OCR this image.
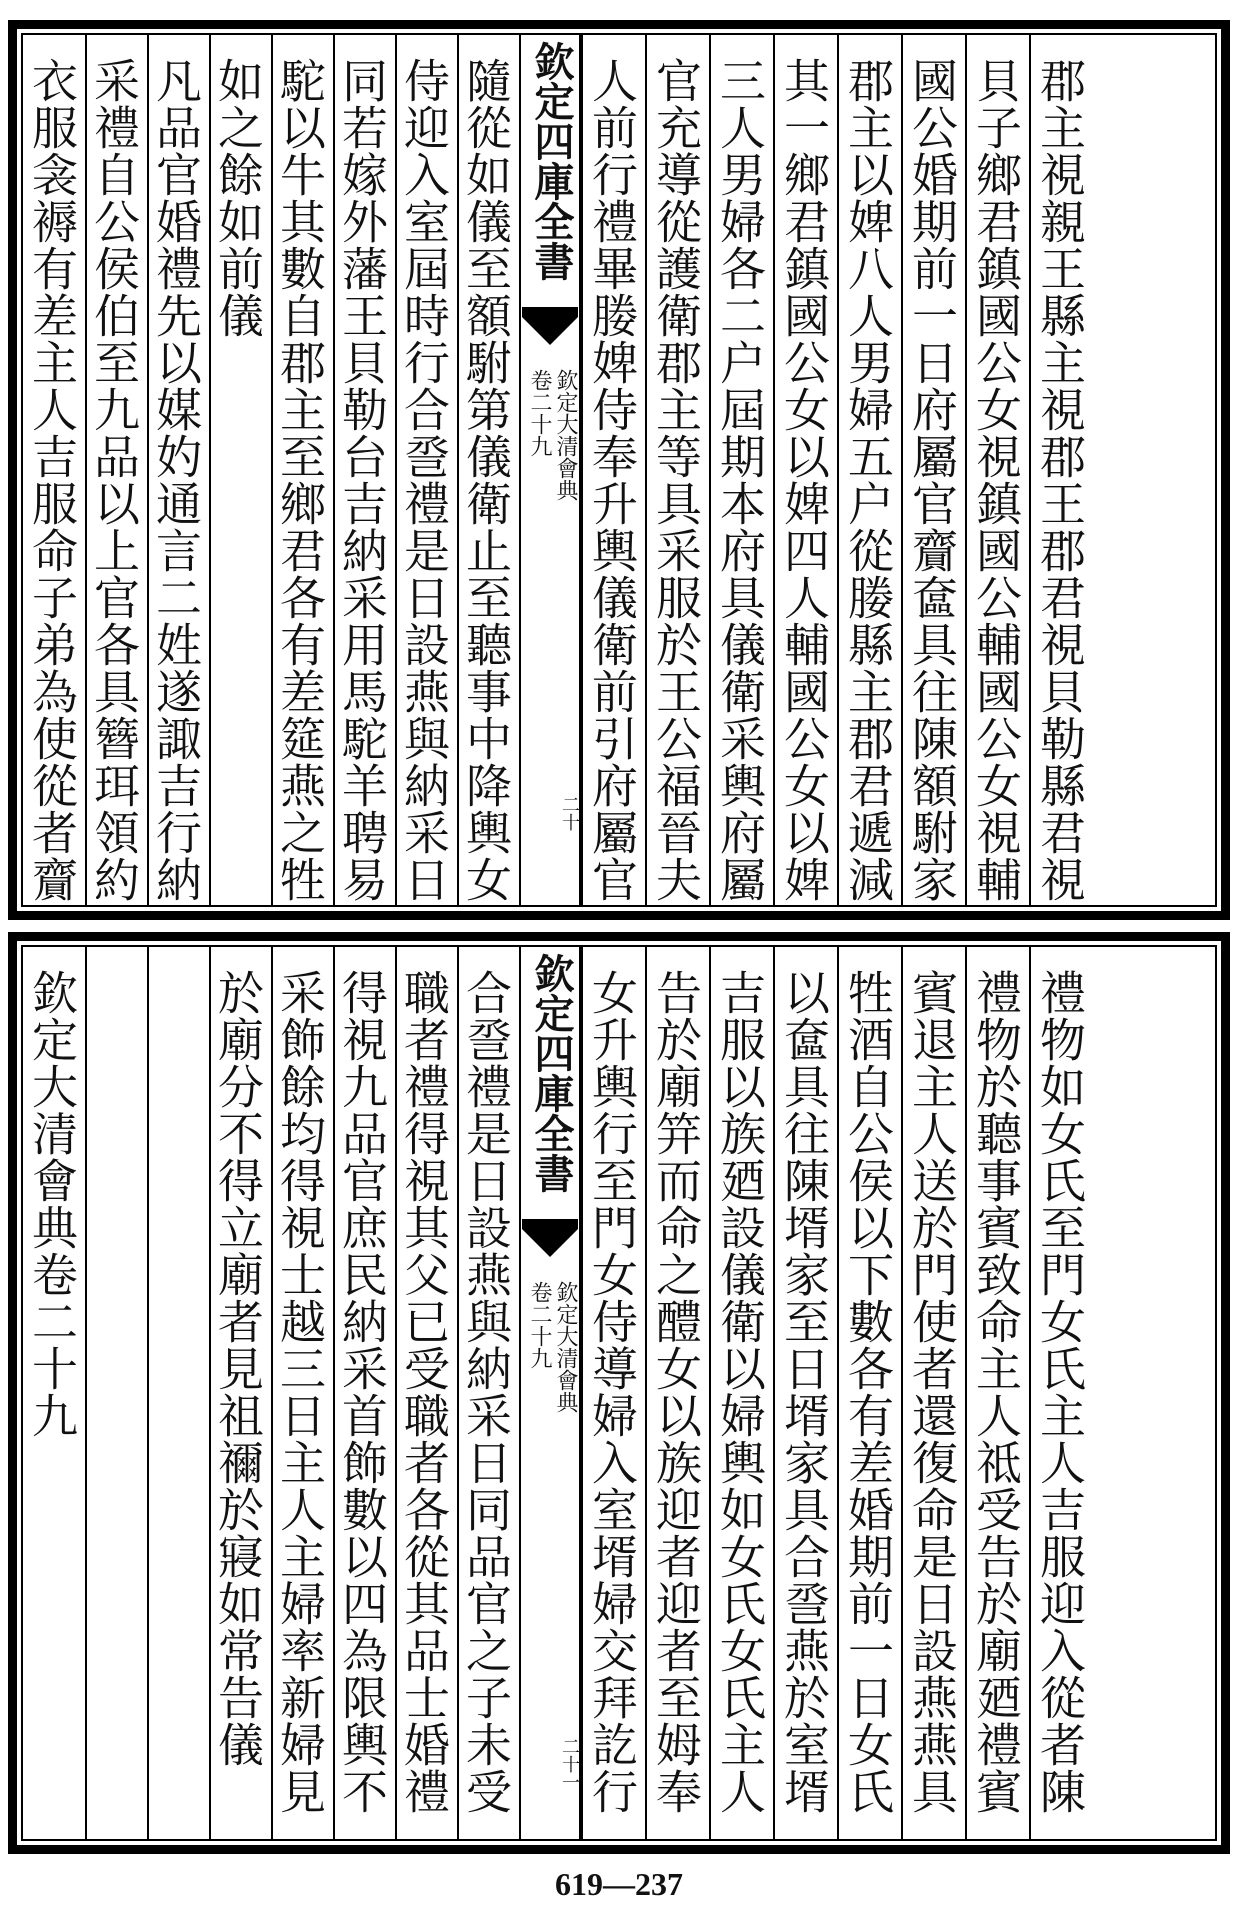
衣服衾褥有差主人吉服命子弟為使從者齎 采禮自公侯伯至九品以上官各具簪珥領約 凡品官婚禮先以媒妁通言二姓遂諏吉行納 如之餘如前儀 駝以牛其數自郡主至鄉君各有差筵燕之牲 同若嫁外藩王貝勒台吉納采用馬駝羊聘易 侍迎入室屆時行合巹禮是日設燕與納采日 隨從如儀至額駙第儀衛止至聽事中降輿女 欽定四庫全書
欽定大清會典
卷二十九
二十 人前行禮畢媵婢侍奉升輿儀衛前引府屬官 官充導從護衛郡主等具采服於王公福晉夫 三人男婦各二户屆期本府具儀衛采輿府屬 其一鄉君鎮國公女以婢四人輔國公女以婢 郡主以婢八人男婦五户從媵縣主郡君遞減 國公婚期前一日府屬官齎奩具往陳額駙家 貝子鄉君鎮國公女視鎮國公輔國公女視輔 郡主視親王縣主視郡王郡君視貝勒縣君視
欽定大清會典卷二十九	於廟分不得立廟者見祖禰於寢如常告儀 采飾餘均得視士越三日主人主婦率新婦見 得視九品官庶民納采首飾數以四為限輿不 職者禮得視其父已受職者各從其品士婚禮 合巹禮是日設燕與納采日同品官之子未受 欽定四庫全書
欽定大清會典
卷二十九
二十一 女升輿行至門女侍導婦入室壻婦交拜訖行 告於廟笄而命之醴女以族迎者迎者至姆奉 吉服以族廼設儀衛以婦輿如女氏女氏主人 以奩具往陳壻家至日壻家具合巹燕於室壻 牲酒自公侯以下數各有差婚期前一日女氏 賓退主人送於門使者還復命是日設燕燕具 禮物於聽事賓致命主人祗受告於廟廼禮賓 禮物如女氏至門女氏主人吉服迎入從者陳
619—237
